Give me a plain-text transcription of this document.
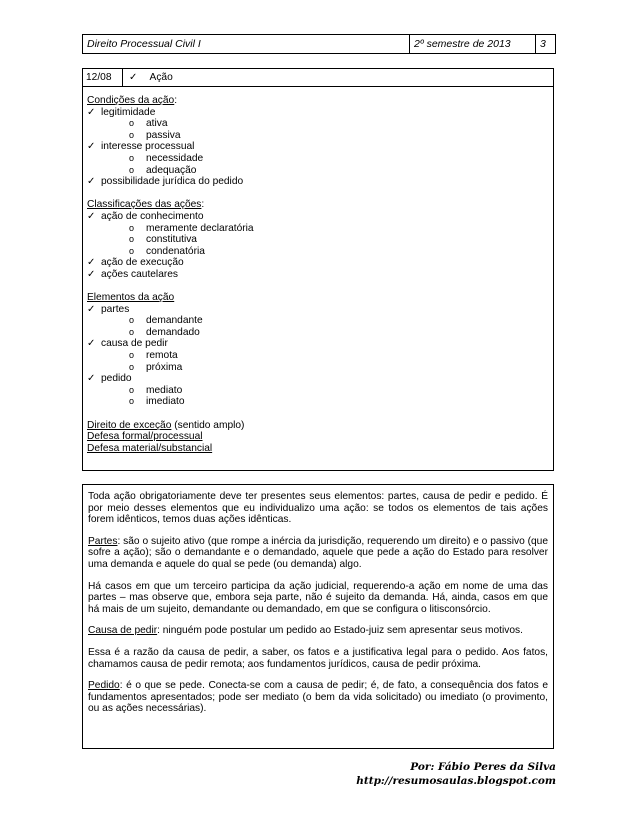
Direito Processual Civil I	2º semestre de 2013	3
12/08	✓ Ação
Condições da ação:
✓ legitimidade
o ativa
o passiva
✓ interesse processual
o necessidade
o adequação
✓ possibilidade jurídica do pedido
Classificações das ações:
✓ ação de conhecimento
o meramente declaratória
o constitutiva
o condenatória
✓ ação de execução
✓ ações cautelares
Elementos da ação
✓ partes
o demandante
o demandado
✓ causa de pedir
o remota
o próxima
✓ pedido
o mediato
o imediato
Direito de exceção (sentido amplo)
Defesa formal/processual
Defesa material/substancial

Toda ação obrigatoriamente deve ter presentes seus elementos: partes, causa de pedir e pedido. É por meio desses elementos que eu individualizo uma ação: se todos os elementos de tais ações forem idênticos, temos duas ações idênticas.

Partes: são o sujeito ativo (que rompe a inércia da jurisdição, requerendo um direito) e o passivo (que sofre a ação); são o demandante e o demandado, aquele que pede a ação do Estado para resolver uma demanda e aquele do qual se pede (ou demanda) algo.

Há casos em que um terceiro participa da ação judicial, requerendo-a ação em nome de uma das partes – mas observe que, embora seja parte, não é sujeito da demanda. Há, ainda, casos em que há mais de um sujeito, demandante ou demandado, em que se configura o litisconsórcio.

Causa de pedir: ninguém pode postular um pedido ao Estado-juiz sem apresentar seus motivos.

Essa é a razão da causa de pedir, a saber, os fatos e a justificativa legal para o pedido. Aos fatos, chamamos causa de pedir remota; aos fundamentos jurídicos, causa de pedir próxima.

Pedido: é o que se pede. Conecta-se com a causa de pedir; é, de fato, a consequência dos fatos e fundamentos apresentados; pode ser mediato (o bem da vida solicitado) ou imediato (o provimento, ou as ações necessárias).

Por: Fábio Peres da Silva
http://resumosaulas.blogspot.com
